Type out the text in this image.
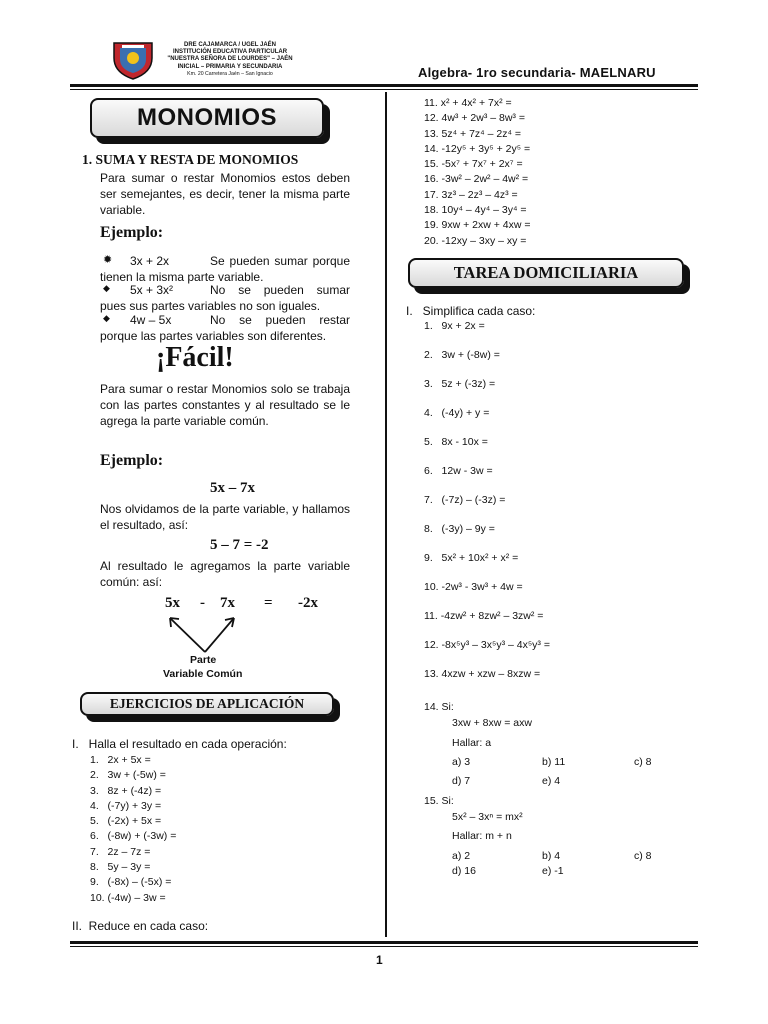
DRE CAJAMARCA / UGEL JAÉN
INSTITUCIÓN EDUCATIVA PARTICULAR
"NUESTRA SEÑORA DE LOURDES" – JAÉN
INICIAL – PRIMARIA Y SECUNDARIA
Km. 20 Carretera Jaén – San Ignacio	Algebra- 1ro secundaria- MAELNARU
1
MONOMIOS
1. SUMA Y RESTA DE MONOMIOS
Para sumar o restar Monomios estos deben ser semejantes, es decir, tener la misma parte variable.
Ejemplo:
✹ 3x + 2x	Se pueden sumar porque tienen la misma parte variable.
◆ 5x + 3x²	No se pueden sumar pues sus partes variables no son iguales.
◆ 4w – 5x	No se pueden restar porque las partes variables son diferentes.
¡Fácil!
Para sumar o restar Monomios solo se trabaja con las partes constantes y al resultado se le agrega la parte variable común.
Ejemplo:
5x – 7x
Nos olvidamos de la parte variable, y hallamos el resultado, así:
5 – 7 = -2
Al resultado le agregamos la parte variable común: así:
5x - 7x = -2x
Parte
Variable Común
EJERCICIOS DE APLICACIÓN
I.   Halla el resultado en cada operación:
1.   2x + 5x =
2.   3w + (-5w) =
3.   8z + (-4z) =
4.   (-7y) + 3y =
5.   (-2x) + 5x =
6.   (-8w) + (-3w) =
7.   2z – 7z =
8.   5y – 3y =
9.   (-8x) – (-5x) =
10. (-4w) – 3w =
II.  Reduce en cada caso:
11. x² + 4x² + 7x² =
12. 4w³ + 2w³ – 8w³ =
13. 5z⁴ + 7z⁴ – 2z⁴ =
14. -12y⁵ + 3y⁵ + 2y⁵ =
15. -5x⁷ + 7x⁷ + 2x⁷ =
16. -3w² – 2w² – 4w² =
17. 3z³ – 2z³ – 4z³ =
18. 10y⁴ – 4y⁴ – 3y⁴ =
19. 9xw + 2xw + 4xw =
20. -12xy – 3xy – xy =
TAREA DOMICILIARIA
I.   Simplifica cada caso:
1.   9x + 2x =
2.   3w + (-8w) =
3.   5z + (-3z) =
4.   (-4y) + y =
5.   8x - 10x =
6.   12w - 3w =
7.   (-7z) – (-3z) =
8.   (-3y) – 9y =
9.   5x² + 10x² + x² =
10. -2w³ - 3w³ + 4w =
11. -4zw² + 8zw² – 3zw² =
12. -8x⁵y³ – 3x⁵y³ – 4x⁵y³ =
13. 4xzw + xzw – 8xzw =
14. Si:
3xw + 8xw = axw
Hallar: a
a) 3	b) 11	c) 8
d) 7	e) 4
15. Si:
5x² – 3xⁿ = mx²
Hallar: m + n
a) 2	b) 4	c) 8
d) 16	e) -1
